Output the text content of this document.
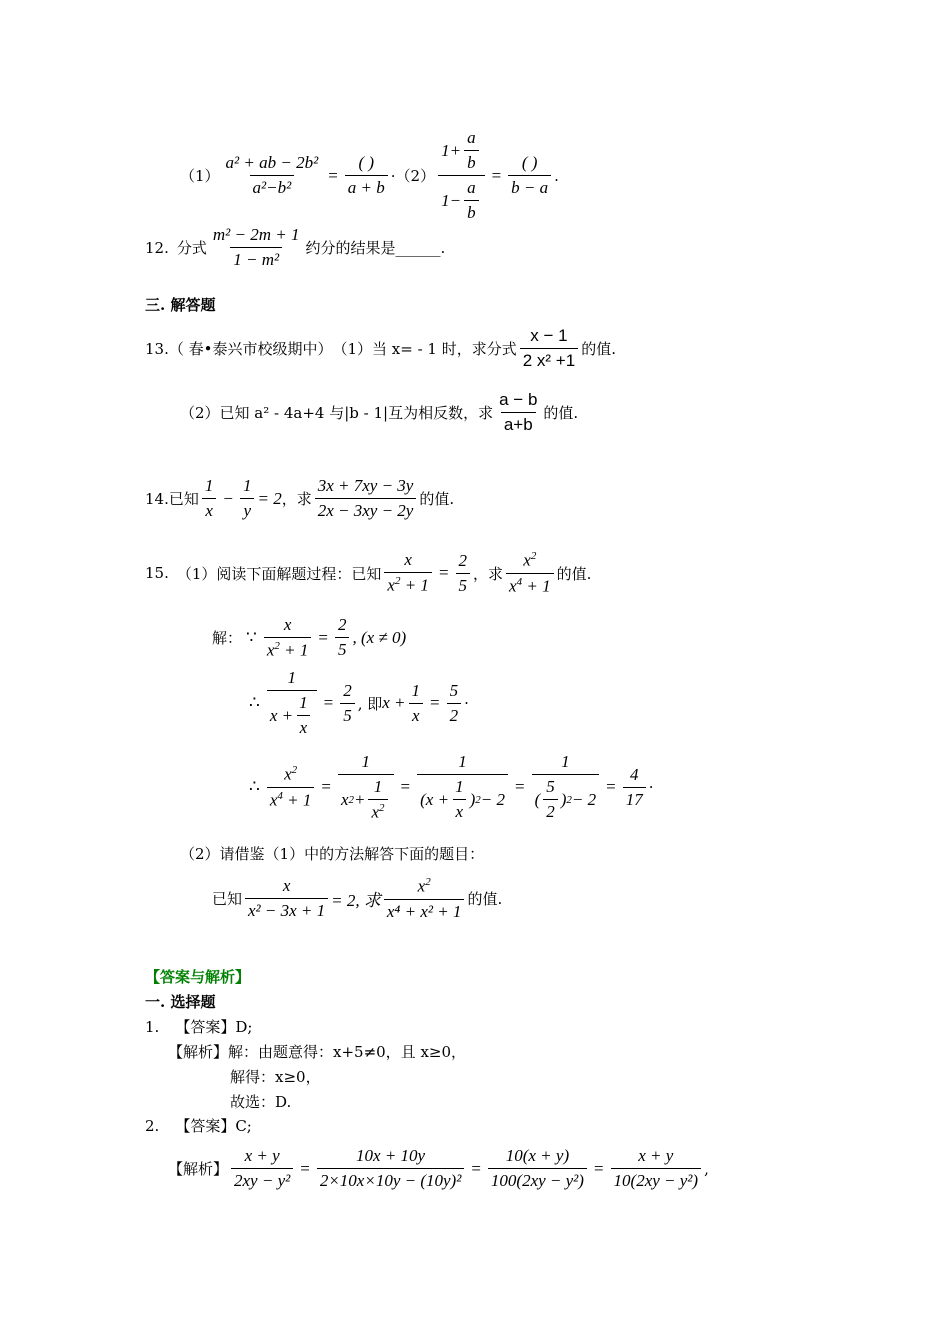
$(1) \frac{\text{a² + ab − 2b²}}{\text{a²−b²}} = \frac{( )}{a + b} \cdot (2) \frac{1+ \frac{a}{b}}{1- \frac{a}{b}} = \frac{( )}{b - a}$ .
12. 分式 $\frac{\text{m² − 2m + 1}}{\text{1 − m²}}$ 约分的结果是______.
三. 解答题
13. （ 春•泰兴市校级期中） （1）当 x= - 1 时，求分式 $\frac{x - 1}{\text{2 x² +1}}$ 的值.
（2）已知 a² - 4a+4 与|b - 1|互为相反数，求 $\frac{a - b}{a+b}$ 的值.
14. 已知 $\frac{1}{x} - \frac{1}{y} = 2$ ，求 $\frac{3x + 7xy - 3y}{2x - 3xy - 2y}$ 的值.
15. （1）阅读下面解题过程：已知 $\frac{x}{x^2 + 1} = \frac{2}{5}$ ，求 $\frac{x^2}{x^4 + 1}$ 的值.
解： ∵ $\frac{x}{x^2 + 1} = \frac{2}{5}$ , (x ≠ 0)
∴ $\frac{1}{x + \frac{1}{x}} = \frac{2}{5}$ , 即 $x + \frac{1}{x} = \frac{5}{2}$ ·
∴ $\frac{x^2}{x^4 + 1} = \frac{1}{x 2 + \frac{1}{x^2}} = \frac{1}{(x + \frac{1}{x} ) 2 - 2} = \frac{1}{( \frac{5}{2} ) 2 - 2} = \frac{4}{17}$ ·
（2）请借鉴（1）中的方法解答下面的题目：
已知 $\frac{x}{\text{x² − 3x + 1}} = 2$, 求 $\frac{x^2}{\text{x⁴ + x² + 1}}$ 的值.
【答案与解析】
一. 选择题
1. 【答案】D;
【解析】解：由题意得：x+5≠0，且 x≥0，
解得：x≥0，
故选：D.
2. 【答案】C;
【解析】 $\frac{x + y}{\text{2xy − y²}} = \frac{10x + 10y}{\text{2×10x×10y − (10y)²}} = \frac{10(x + y)}{\text{100(2xy − y²)}} = \frac{x + y}{\text{10(2xy − y²)}}$ ,
